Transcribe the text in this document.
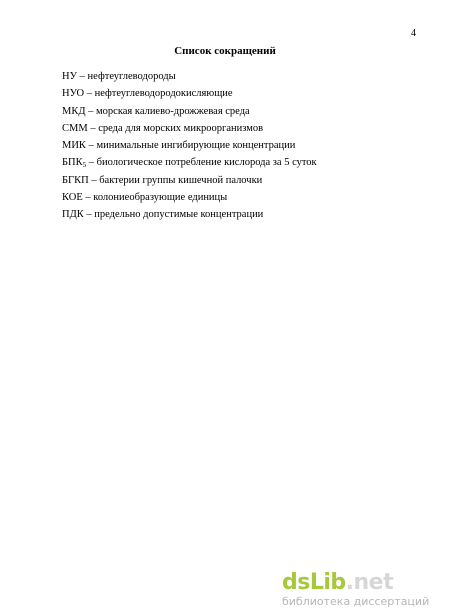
4
Список сокращений
НУ – нефтеуглеводороды
НУО – нефтеуглеводородокисляющие
МКД – морская калиево-дрожжевая среда
СММ – среда для морских микроорганизмов
МИК – минимальные ингибирующие концентрации
$БПК_5$ – биологическое потребление кислорода за 5 суток
БГКП – бактерии группы кишечной палочки
КОЕ – колониеобразующие единицы
ПДК – предельно допустимые концентрации
dsLib.net
библиотека диссертаций
